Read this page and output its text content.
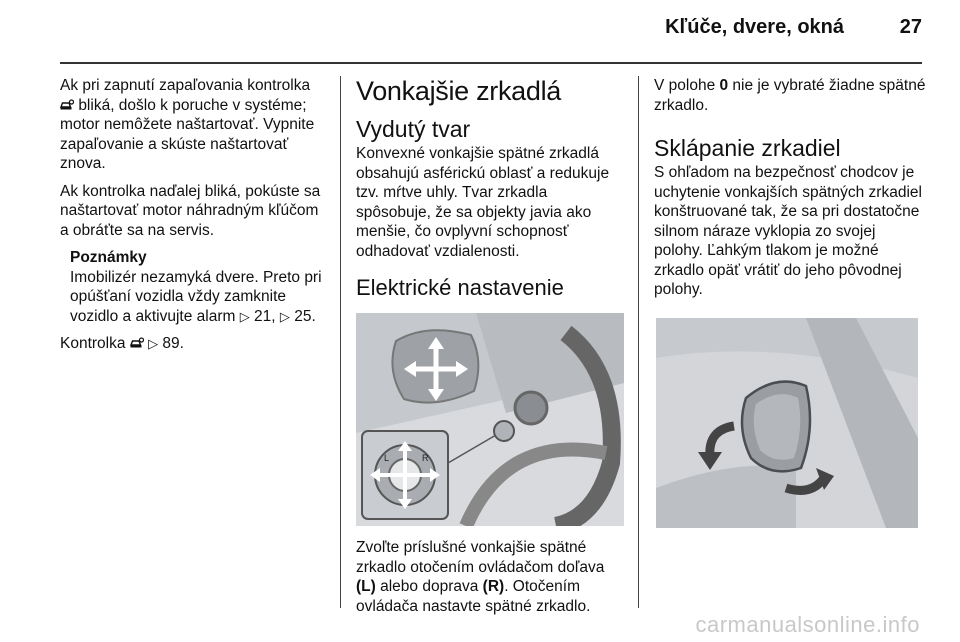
Kľúče, dvere, okná	27

Ak pri zapnutí zapaľovania kontrolka  bliká, došlo k poruche v systéme; motor nemôžete naštartovať. Vypnite zapaľovanie a skúste naštartovať znova.

Ak kontrolka naďalej bliká, pokúste sa naštartovať motor náhradným kľúčom a obráťte sa na servis.

Poznámky
Imobilizér nezamyká dvere. Preto pri opúšťaní vozidla vždy zamknite vozidlo a aktivujte alarm ▷ 21, ▷ 25.

Kontrolka ▷ 89.

Vonkajšie zrkadlá
Vydutý tvar

Konvexné vonkajšie spätné zrkadlá obsahujú asférickú oblasť a redukuje tzv. mŕtve uhly. Tvar zrkadla spôsobuje, že sa objekty javia ako menšie, čo ovplyvní schopnosť odhadovať vzdialenosti.

Elektrické nastavenie
L	R

Zvoľte príslušné vonkajšie spätné zrkadlo otočením ovládačom doľava (L) alebo doprava (R). Otočením ovládača nastavte spätné zrkadlo.

V polohe 0 nie je vybraté žiadne spätné zrkadlo.

Sklápanie zrkadiel

S ohľadom na bezpečnosť chodcov je uchytenie vonkajších spätných zrkadiel konštruované tak, že sa pri dostatočne silnom náraze vyklopia zo svojej polohy. Ľahkým tlakom je možné zrkadlo opäť vrátiť do jeho pôvodnej polohy.

carmanualsonline.info
